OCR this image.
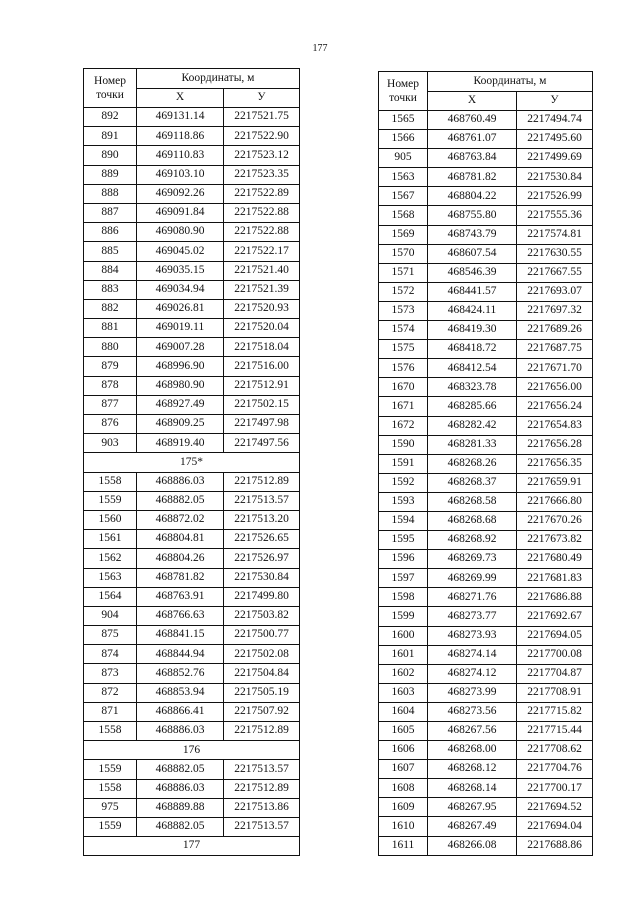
177
Номер точки	Координаты, м	
	X	У
892	469131.14	2217521.75
891	469118.86	2217522.90
890	469110.83	2217523.12
889	469103.10	2217523.35
888	469092.26	2217522.89
887	469091.84	2217522.88
886	469080.90	2217522.88
885	469045.02	2217522.17
884	469035.15	2217521.40
883	469034.94	2217521.39
882	469026.81	2217520.93
881	469019.11	2217520.04
880	469007.28	2217518.04
879	468996.90	2217516.00
878	468980.90	2217512.91
877	468927.49	2217502.15
876	468909.25	2217497.98
903	468919.40	2217497.56
175*		
1558	468886.03	2217512.89
1559	468882.05	2217513.57
1560	468872.02	2217513.20
1561	468804.81	2217526.65
1562	468804.26	2217526.97
1563	468781.82	2217530.84
1564	468763.91	2217499.80
904	468766.63	2217503.82
875	468841.15	2217500.77
874	468844.94	2217502.08
873	468852.76	2217504.84
872	468853.94	2217505.19
871	468866.41	2217507.92
1558	468886.03	2217512.89
176		
1559	468882.05	2217513.57
1558	468886.03	2217512.89
975	468889.88	2217513.86
1559	468882.05	2217513.57
177		
Номер точки	Координаты, м	
	X	У
1565	468760.49	2217494.74
1566	468761.07	2217495.60
905	468763.84	2217499.69
1563	468781.82	2217530.84
1567	468804.22	2217526.99
1568	468755.80	2217555.36
1569	468743.79	2217574.81
1570	468607.54	2217630.55
1571	468546.39	2217667.55
1572	468441.57	2217693.07
1573	468424.11	2217697.32
1574	468419.30	2217689.26
1575	468418.72	2217687.75
1576	468412.54	2217671.70
1670	468323.78	2217656.00
1671	468285.66	2217656.24
1672	468282.42	2217654.83
1590	468281.33	2217656.28
1591	468268.26	2217656.35
1592	468268.37	2217659.91
1593	468268.58	2217666.80
1594	468268.68	2217670.26
1595	468268.92	2217673.82
1596	468269.73	2217680.49
1597	468269.99	2217681.83
1598	468271.76	2217686.88
1599	468273.77	2217692.67
1600	468273.93	2217694.05
1601	468274.14	2217700.08
1602	468274.12	2217704.87
1603	468273.99	2217708.91
1604	468273.56	2217715.82
1605	468267.56	2217715.44
1606	468268.00	2217708.62
1607	468268.12	2217704.76
1608	468268.14	2217700.17
1609	468267.95	2217694.52
1610	468267.49	2217694.04
1611	468266.08	2217688.86
